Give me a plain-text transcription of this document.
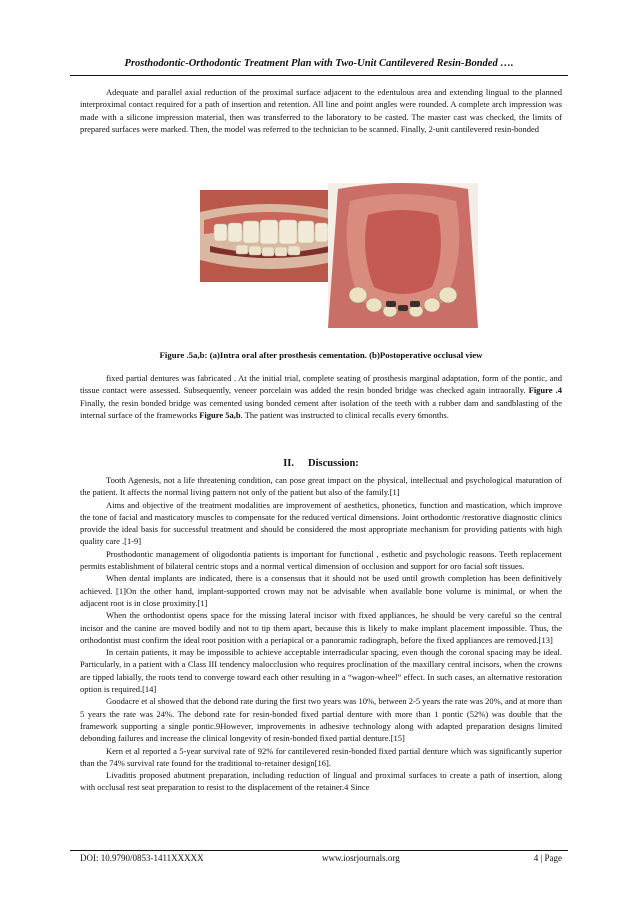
Prosthodontic-Orthodontic Treatment Plan with Two-Unit Cantilevered Resin-Bonded ….

Adequate and parallel axial reduction of the proximal surface adjacent to the edentulous area and extending lingual to the planned interproximal contact required for a path of insertion and retention. All line and point angles were rounded. A complete arch impression was made with a silicone impression material, then was transferred to the laboratory to be casted. The master cast was checked, the limits of prepared surfaces were marked. Then, the model was referred to the technician to be scanned. Finally, 2-unit cantilevered resin-bonded

Figure .5a,b: (a)Intra oral after prosthesis cementation. (b)Postoperative occlusal view

fixed partial dentures was fabricated . At the initial trial, complete seating of prosthesis marginal adaptation, form of the pontic, and tissue contact were assessed. Subsequently, veneer porcelain was added the resin bonded bridge was checked again intraorally. Figure .4 Finally, the resin bonded bridge was cemented using bonded cement after isolation of the teeth with a rubber dam and sandblasting of the internal surface of the frameworks Figure 5a,b. The patient was instructed to clinical recalls every 6months.

II. Discussion:

Tooth Agenesis, not a life threatening condition, can pose great impact on the physical, intellectual and psychological maturation of the patient. It affects the normal living pattern not only of the patient but also of the family.[1]

Aims and objective of the treatment modalities are improvement of aesthetics, phonetics, function and mastication, which improve the tone of facial and masticatory muscles to compensate for the reduced vertical dimensions. Joint orthodontic /restorative diagnostic clinics provide the ideal basis for successful treatment and should be considered the most appropriate mechanism for providing patients with high quality care .[1-9]

Prosthodontic management of oligodontia patients is important for functional , esthetic and psychologic reasons. Teeth replacement permits establishment of bilateral centric stops and a normal vertical dimension of occlusion and support for oro facial soft tissues.

When dental implants are indicated, there is a consensus that it should not be used until growth completion has been definitively achieved. [1]On the other hand, implant-supported crown may not be advisable when available bone volume is minimal, or when the adjacent root is in close proximity.[1]

When the orthodontist opens space for the missing lateral incisor with fixed appliances, he should be very careful so the central incisor and the canine are moved bodily and not to tip them apart, because this is likely to make implant placement impossible. Thus, the orthodontist must confirm the ideal root position with a periapical or a panoramic radiograph, before the fixed appliances are removed.[13]

In certain patients, it may be impossible to achieve acceptable interradicular spacing, even though the coronal spacing may be ideal. Particularly, in a patient with a Class III tendency malocclusion who requires proclination of the maxillary central incisors, when the crowns are tipped labially, the roots tend to converge toward each other resulting in a “wagon-wheel” effect. In such cases, an alternative restoration option is required.[14]

Goodacre et al showed that the debond rate during the first two years was 10%, between 2-5 years the rate was 20%, and at more than 5 years the rate was 24%. The debond rate for resin-bonded fixed partial denture with more than 1 pontic (52%) was double that the framework supporting a single pontic.9However, improvements in adhesive technology along with adapted preparation designs limited debonding failures and increase the clinical longevity of resin-bonded fixed partial denture.[15]

Kern et al reported a 5-year survival rate of 92% for cantilevered resin-bonded fixed partial denture which was significantly superior than the 74% survival rate found for the traditional to-retainer design[16].

Livaditis proposed abutment preparation, including reduction of lingual and proximal surfaces to create a path of insertion, along with occlusal rest seat preparation to resist to the displacement of the retainer.4 Since

DOI: 10.9790/0853-1411XXXXX	www.iosrjournals.org	4 | Page
